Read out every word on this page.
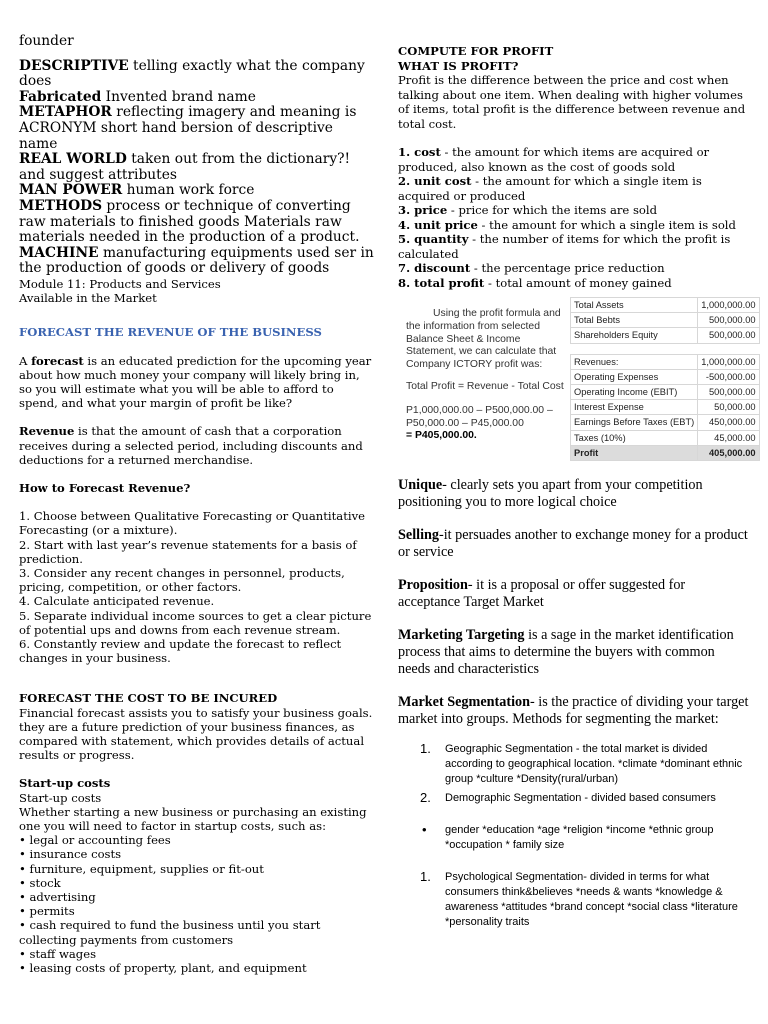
founder

DESCRIPTIVE telling exactly what the company does

Fabricated Invented brand name

METAPHOR reflecting imagery and meaning is

ACRONYM short hand bersion of descriptive name

REAL WORLD taken out from the dictionary?! and suggest attributes

MAN POWER human work force

METHODS process or technique of converting raw materials to finished goods Materials raw materials needed in the production of a product.

MACHINE manufacturing equipments used ser in the production of goods or delivery of goods

Module 11: Products and Services

Available in the Market

FORECAST THE REVENUE OF THE BUSINESS

A forecast is an educated prediction for the upcoming year about how much money your company will likely bring in, so you will estimate what you will be able to afford to spend, and what your margin of profit be like?

Revenue is that the amount of cash that a corporation receives during a selected period, including discounts and deductions for a returned merchandise.

How to Forecast Revenue?

1. Choose between Qualitative Forecasting or Quantitative Forecasting (or a mixture).

2. Start with last year’s revenue statements for a basis of prediction.

3. Consider any recent changes in personnel, products, pricing, competition, or other factors.

4. Calculate anticipated revenue.

5. Separate individual income sources to get a clear picture of potential ups and downs from each revenue stream.

6. Constantly review and update the forecast to reflect changes in your business.

FORECAST THE COST TO BE INCURED

Financial forecast assists you to satisfy your business goals. they are a future prediction of your business finances, as compared with statement, which provides details of actual results or progress.

Start-up costs

Start-up costs

Whether starting a new business or purchasing an existing one you will need to factor in startup costs, such as:

• legal or accounting fees

• insurance costs

• furniture, equipment, supplies or fit-out

• stock

• advertising

• permits

• cash required to fund the business until you start collecting payments from customers

• staff wages

• leasing costs of property, plant, and equipment

COMPUTE FOR PROFIT

WHAT IS PROFIT?

Profit is the difference between the price and cost when talking about one item. When dealing with higher volumes of items, total profit is the difference between revenue and total cost.

1. cost - the amount for which items are acquired or produced, also known as the cost of goods sold

2. unit cost - the amount for which a single item is acquired or produced

3. price - price for which the items are sold

4. unit price - the amount for which a single item is sold

5. quantity - the number of items for which the profit is calculated

7. discount - the percentage price reduction

8. total profit - total amount of money gained

Using the profit formula and the information from selected Balance Sheet & Income Statement, we can calculate that Company ICTORY profit was:

Total Profit = Revenue - Total Cost

P1,000,000.00 – P500,000.00 –

P50,000.00 – P45,000.00

= P405,000.00.

Total Assets	1,000,000.00
Total Bebts	500,000.00
Shareholders Equity	500,000.00

Revenues:	1,000,000.00
Operating Expenses	-500,000.00
Operating Income (EBIT)	500,000.00
Interest Expense	50,000.00
Earnings Before Taxes (EBT)	450,000.00
Taxes (10%)	45,000.00
Profit	405,000.00

Unique- clearly sets you apart from your competition positioning you to more logical choice

Selling-it persuades another to exchange money for a product or service

Proposition- it is a proposal or offer suggested for acceptance Target Market

Marketing Targeting is a sage in the market identification process that aims to determine the buyers with common needs and characteristics

Market Segmentation- is the practice of dividing your target market into groups. Methods for segmenting the market:

1. Geographic Segmentation - the total market is divided according to geographical location. *climate *dominant ethnic group *culture *Density(rural/urban)
2. Demographic Segmentation - divided based consumers
• gender *education *age *religion *income *ethnic group *occupation * family size
1. Psychological Segmentation- divided in terms for what consumers think&believes *needs & wants *knowledge & awareness *attitudes *brand concept *social class *literature *personality traits
